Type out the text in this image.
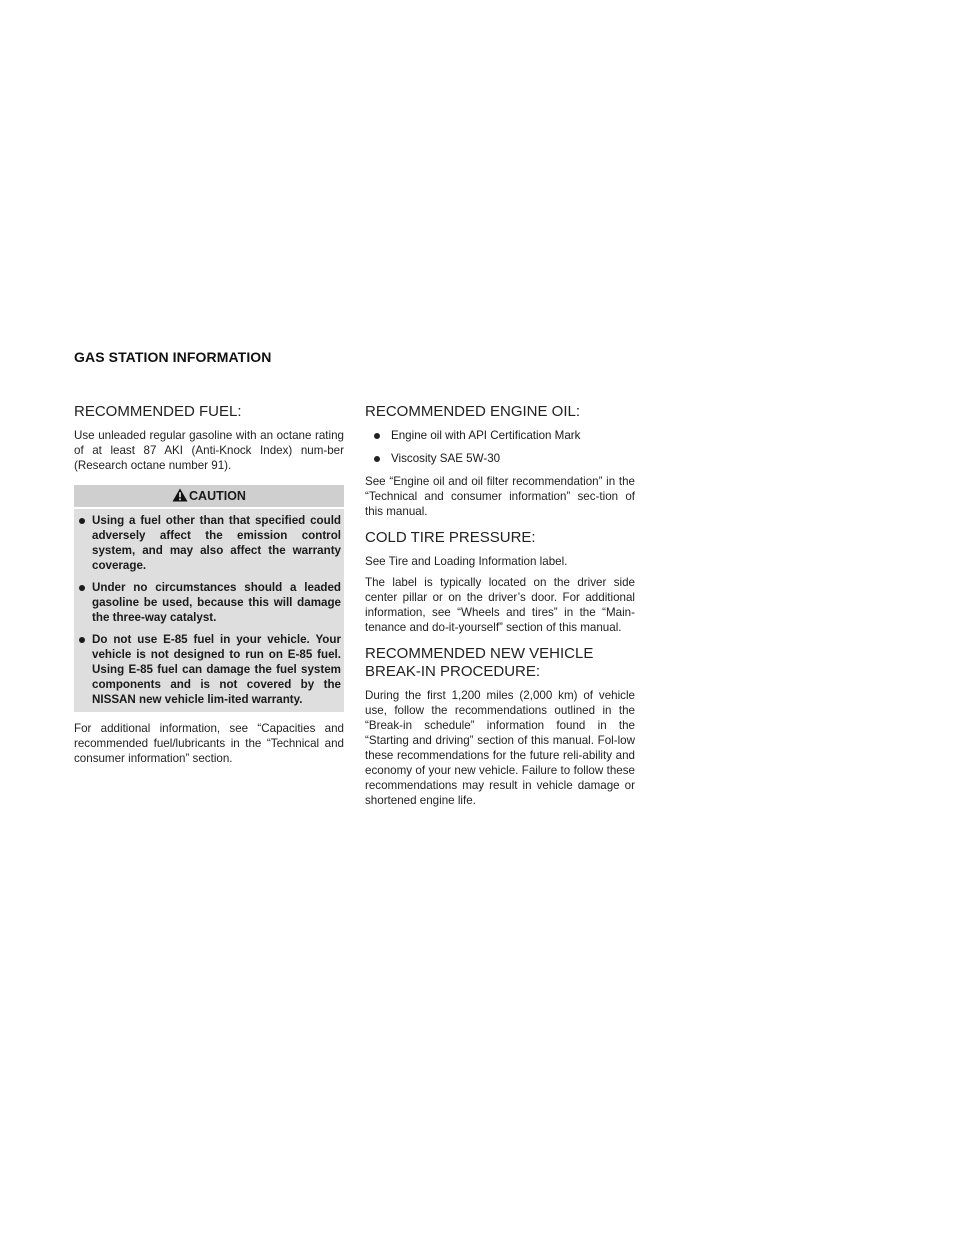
GAS STATION INFORMATION
RECOMMENDED FUEL:

Use unleaded regular gasoline with an octane rating of at least 87 AKI (Anti-Knock Index) num-ber (Research octane number 91).

CAUTION
Using a fuel other than that specified could adversely affect the emission control system, and may also affect the warranty coverage.
Under no circumstances should a leaded gasoline be used, because this will damage the three-way catalyst.
Do not use E-85 fuel in your vehicle. Your vehicle is not designed to run on E-85 fuel. Using E-85 fuel can damage the fuel system components and is not covered by the NISSAN new vehicle lim-ited warranty.

For additional information, see “Capacities and recommended fuel/lubricants in the “Technical and consumer information” section.

RECOMMENDED ENGINE OIL:
Engine oil with API Certification Mark
Viscosity SAE 5W-30

See “Engine oil and oil filter recommendation” in the “Technical and consumer information” sec-tion of this manual.

COLD TIRE PRESSURE:

See Tire and Loading Information label.

The label is typically located on the driver side center pillar or on the driver’s door. For additional information, see “Wheels and tires” in the “Main-tenance and do-it-yourself” section of this manual.

RECOMMENDED NEW VEHICLE BREAK-IN PROCEDURE:

During the first 1,200 miles (2,000 km) of vehicle use, follow the recommendations outlined in the “Break-in schedule” information found in the “Starting and driving” section of this manual. Fol-low these recommendations for the future reli-ability and economy of your new vehicle. Failure to follow these recommendations may result in vehicle damage or shortened engine life.
